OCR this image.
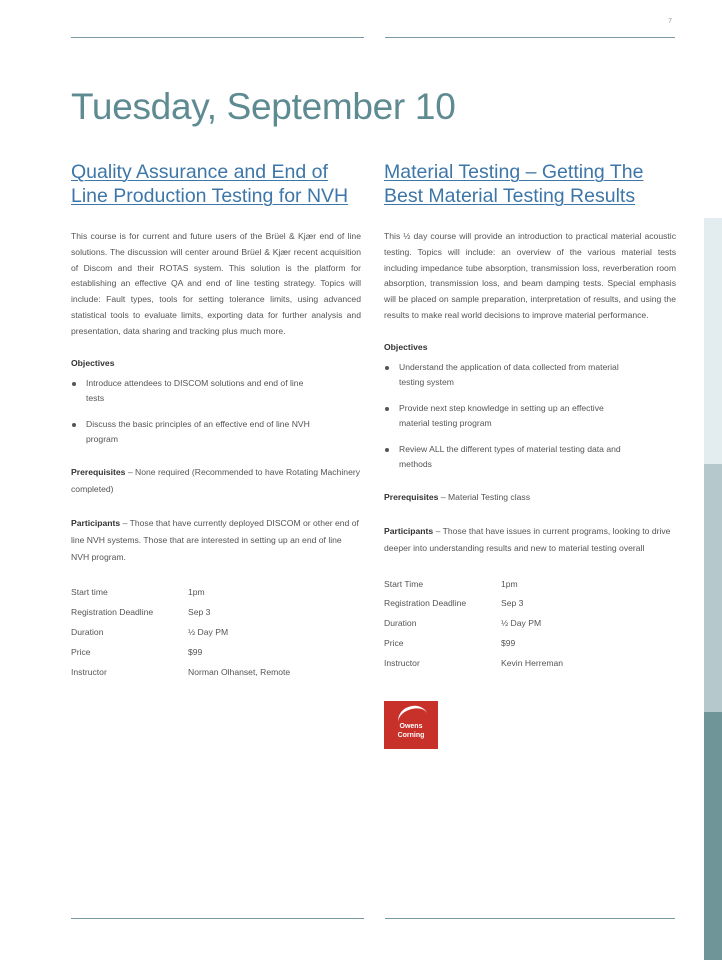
7
Tuesday, September 10
Quality Assurance and End of Line Production Testing for NVH

This course is for current and future users of the Brüel & Kjær end of line solutions. The discussion will center around Brüel & Kjær recent acquisition of Discom and their ROTAS system. This solution is the platform for establishing an effective QA and end of line testing strategy. Topics will include: Fault types, tools for setting tolerance limits, using advanced statistical tools to evaluate limits, exporting data for further analysis and presentation, data sharing and tracking plus much more.

Objectives
Introduce attendees to DISCOM solutions and end of line tests
Discuss the basic principles of an effective end of line NVH program

Prerequisites – None required (Recommended to have Rotating Machinery completed)

Participants – Those that have currently deployed DISCOM or other end of line NVH systems. Those that are interested in setting up an end of line NVH program.

Start time	1pm
Registration Deadline	Sep 3
Duration	½ Day PM
Price	$99
Instructor	Norman Olhanset, Remote
Material Testing – Getting The Best Material Testing Results

This ½ day course will provide an introduction to practical material acoustic testing. Topics will include: an overview of the various material tests including impedance tube absorption, transmission loss, reverberation room absorption, transmission loss, and beam damping tests. Special emphasis will be placed on sample preparation, interpretation of results, and using the results to make real world decisions to improve material performance.

Objectives
Understand the application of data collected from material testing system
Provide next step knowledge in setting up an effective material testing program
Review ALL the different types of material testing data and methods

Prerequisites – Material Testing class

Participants – Those that have issues in current programs, looking to drive deeper into understanding results and new to material testing overall

Start Time	1pm
Registration Deadline	Sep 3
Duration	½ Day PM
Price	$99
Instructor	Kevin Herreman
Owens
Corning
